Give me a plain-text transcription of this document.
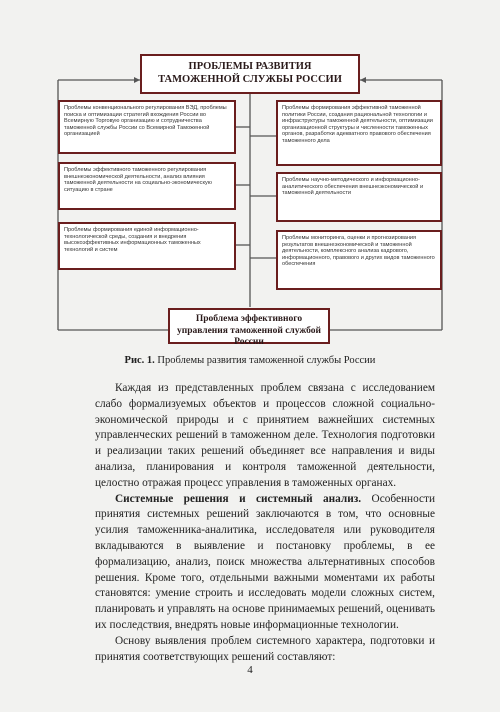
ПРОБЛЕМЫ РАЗВИТИЯ ТАМОЖЕННОЙ СЛУЖБЫ РОССИИ
Проблемы конвенционального регулирования ВЭД, проблемы поиска и оптимизации стратегий вхождения России во Всемирную Торговую организацию и сотрудничества таможенной службы России со Всемирной Таможенной организацией
Проблемы эффективного таможенного регулирования внешнеэкономической деятельности, анализ влияния таможенной деятельности на социально-экономическую ситуацию в стране
Проблемы формирования единой информационно-технологической среды, создания и внедрения высокоэффективных информационных таможенных технологий и систем
Проблемы формирования эффективной таможенной политики России, создания рациональной технологии и инфраструктуры таможенной деятельности, оптимизации организационной структуры и численности таможенных органов, разработки адекватного правового обеспечения таможенного дела
Проблемы научно-методического и информационно-аналитического обеспечения внешнеэкономической и таможенной деятельности
Проблемы мониторинга, оценки и прогнозирования результатов внешнеэкономической и таможенной деятельности, комплексного анализа кадрового, информационного, правового и других видов таможенного обеспечения
Проблема эффективного управления таможенной службой России
Рис. 1. Проблемы развития таможенной службы России

Каждая из представленных проблем связана с исследованием слабо формализуемых объектов и процессов сложной социально-экономической природы и с принятием важнейших системных управленческих решений в таможенном деле. Технология подготовки и реализации таких решений объединяет все направления и виды анализа, планирования и контроля таможенной деятельности, целостно отражая процесс управления в таможенных органах.

Системные решения и системный анализ. Особенности принятия системных решений заключаются в том, что основные усилия таможенника-аналитика, исследователя или руководителя вкладываются в выявление и постановку проблемы, в ее формализацию, анализ, поиск множества альтернативных способов решения. Кроме того, отдельными важными моментами их работы становятся: умение строить и исследовать модели сложных систем, планировать и управлять на основе принимаемых решений, оценивать их последствия, внедрять новые информационные технологии.

Основу выявления проблем системного характера, подготовки и принятия соответствующих решений составляют:

4
